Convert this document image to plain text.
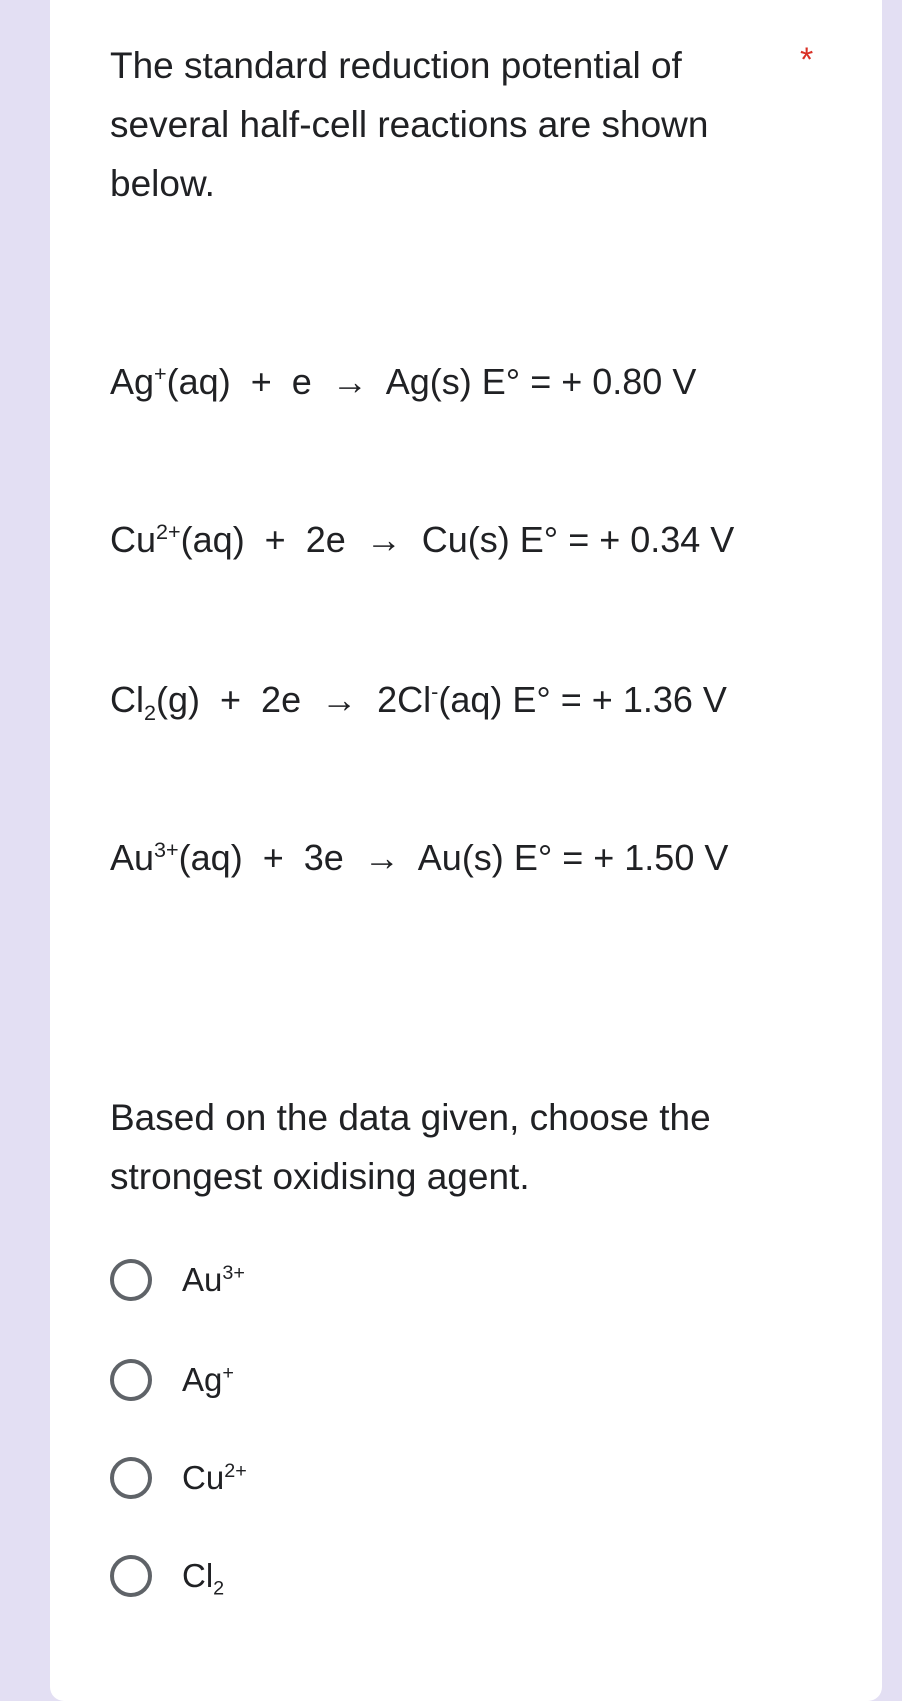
The standard reduction potential of several half-cell reactions are shown below.

*
Ag+(aq)  +  e  →  Ag(s) E° = + 0.80 V
$Cu^{2+}(aq) + 2e \to Cu(s) E^\circ$ = + 0.34 V
$Cl_2(g) + 2e \to 2Cl^-(aq) E^\circ$ = + 1.36 V
$Au^{3+}(aq) + 3e \to Au(s) E^\circ$ = + 1.50 V

Based on the data given, choose the strongest oxidising agent.

$Au^{3+}$
Ag+
$Cu^{2+}$
$Cl_2$
